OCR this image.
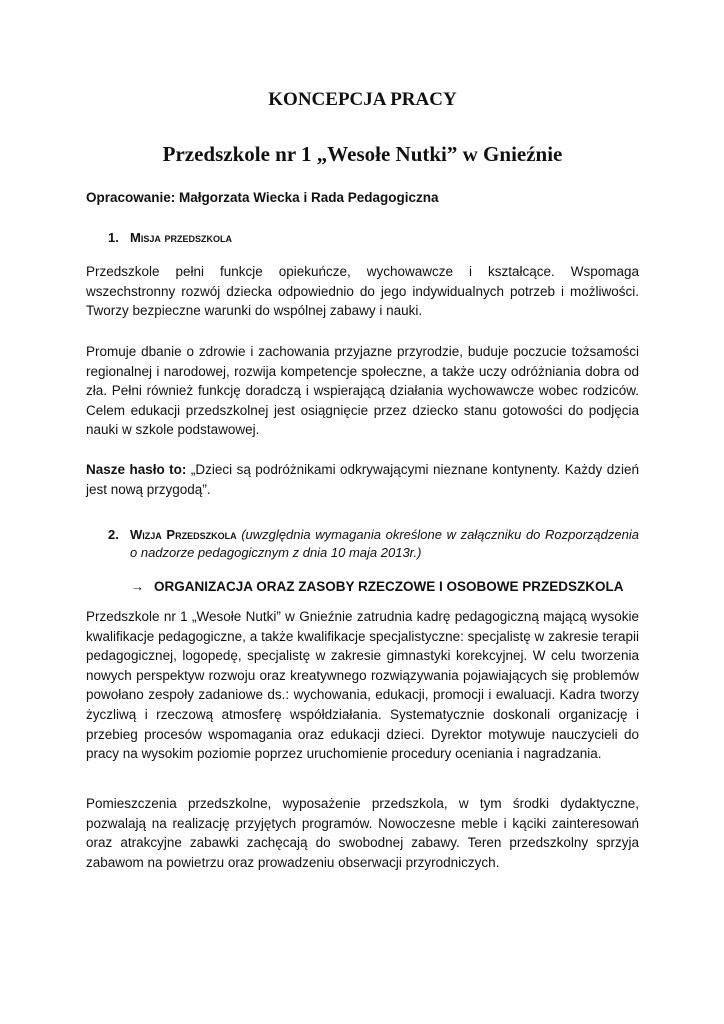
KONCEPCJA PRACY
Przedszkole nr 1 „Wesołe Nutki” w Gnieźnie
Opracowanie: Małgorzata Wiecka i Rada Pedagogiczna
1. Misja przedszkola

Przedszkole pełni funkcje opiekuńcze, wychowawcze i kształcące. Wspomaga wszechstronny rozwój dziecka odpowiednio do jego indywidualnych potrzeb i możliwości. Tworzy bezpieczne warunki do wspólnej zabawy i nauki.

Promuje dbanie o zdrowie i zachowania przyjazne przyrodzie, buduje poczucie tożsamości regionalnej i narodowej, rozwija kompetencje społeczne, a także uczy odróżniania dobra od zła. Pełni również funkcję doradczą i wspierającą działania wychowawcze wobec rodziców. Celem edukacji przedszkolnej jest osiągnięcie przez dziecko stanu gotowości do podjęcia nauki w szkole podstawowej.

Nasze hasło to: „Dzieci są podróżnikami odkrywającymi nieznane kontynenty. Każdy dzień jest nową przygodą”.

2. Wizja Przedszkola (uwzględnia wymagania określone w załączniku do Rozporządzenia o nadzorze pedagogicznym z dnia 10 maja 2013r.)
→ ORGANIZACJA ORAZ ZASOBY RZECZOWE I OSOBOWE PRZEDSZKOLA

Przedszkole nr 1 „Wesołe Nutki” w Gnieźnie zatrudnia kadrę pedagogiczną mającą wysokie kwalifikacje pedagogiczne, a także kwalifikacje specjalistyczne: specjalistę w zakresie terapii pedagogicznej, logopedę, specjalistę w zakresie gimnastyki korekcyjnej. W celu tworzenia nowych perspektyw rozwoju oraz kreatywnego rozwiązywania pojawiających się problemów powołano zespoły zadaniowe ds.: wychowania, edukacji, promocji i ewaluacji. Kadra tworzy życzliwą i rzeczową atmosferę współdziałania. Systematycznie doskonali organizację i przebieg procesów wspomagania oraz edukacji dzieci. Dyrektor motywuje nauczycieli do pracy na wysokim poziomie poprzez uruchomienie procedury oceniania i nagradzania.

Pomieszczenia przedszkolne, wyposażenie przedszkola, w tym środki dydaktyczne, pozwalają na realizację przyjętych programów. Nowoczesne meble i kąciki zainteresowań oraz atrakcyjne zabawki zachęcają do swobodnej zabawy. Teren przedszkolny sprzyja zabawom na powietrzu oraz prowadzeniu obserwacji przyrodniczych.
